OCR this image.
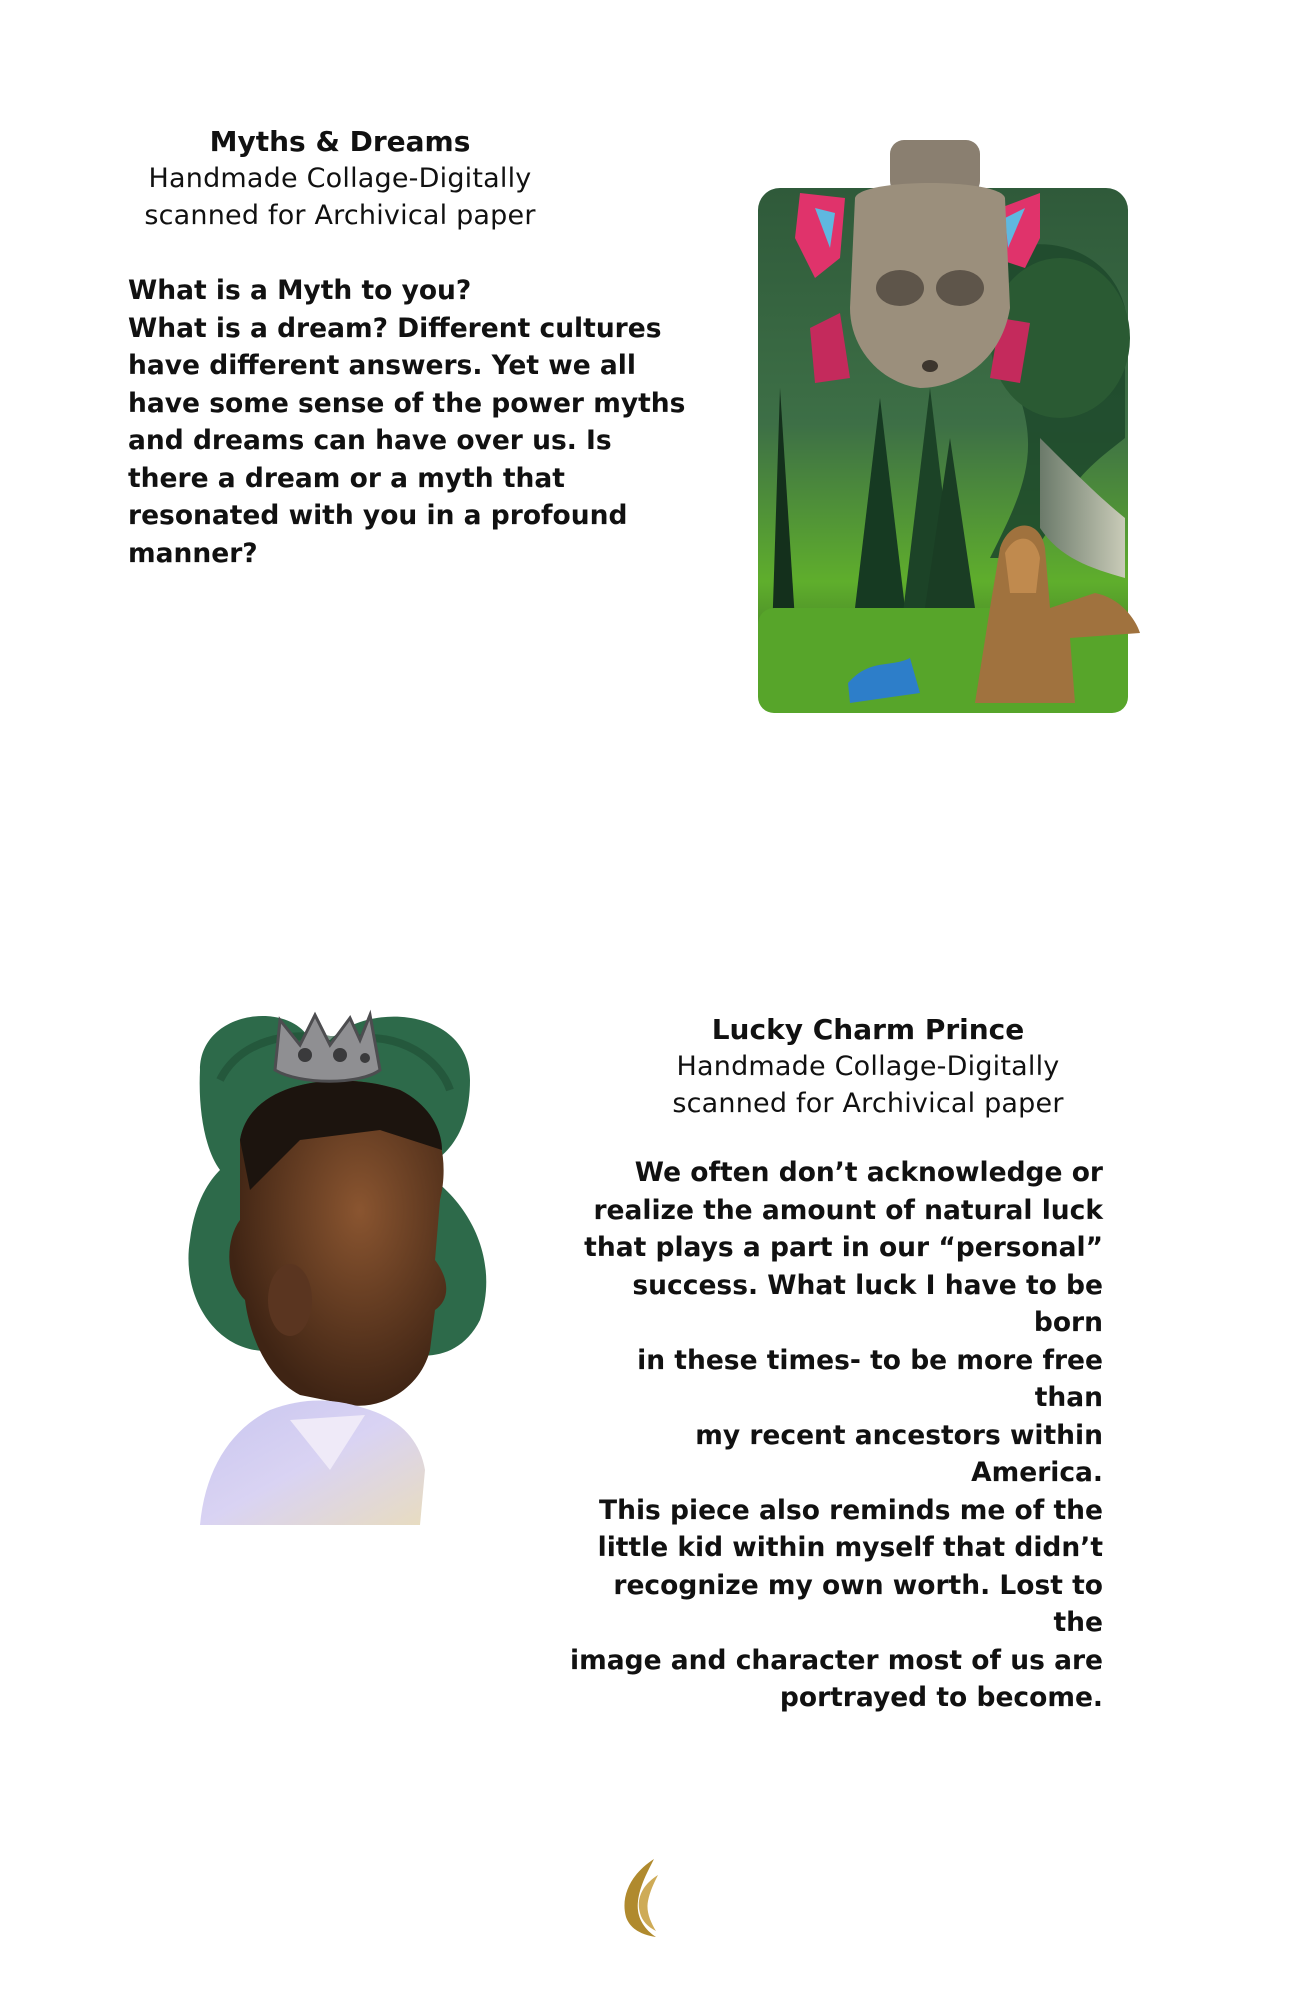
Myths & Dreams
Handmade Collage-Digitally
scanned for Archivical paper
What is a Myth to you?
What is a dream? Different cultures
have different answers. Yet we all
have some sense of the power myths
and dreams can have over us. Is
there a dream or a myth that
resonated with you in a profound
manner?
Lucky Charm Prince
Handmade Collage-Digitally
scanned for Archivical paper
We often don’t acknowledge or
realize the amount of natural luck
that plays a part in our “personal”
success. What luck I have to be born
in these times- to be more free than
my recent ancestors within America.
This piece also reminds me of the
little kid within myself that didn’t
recognize my own worth. Lost to the
image and character most of us are
portrayed to become.
